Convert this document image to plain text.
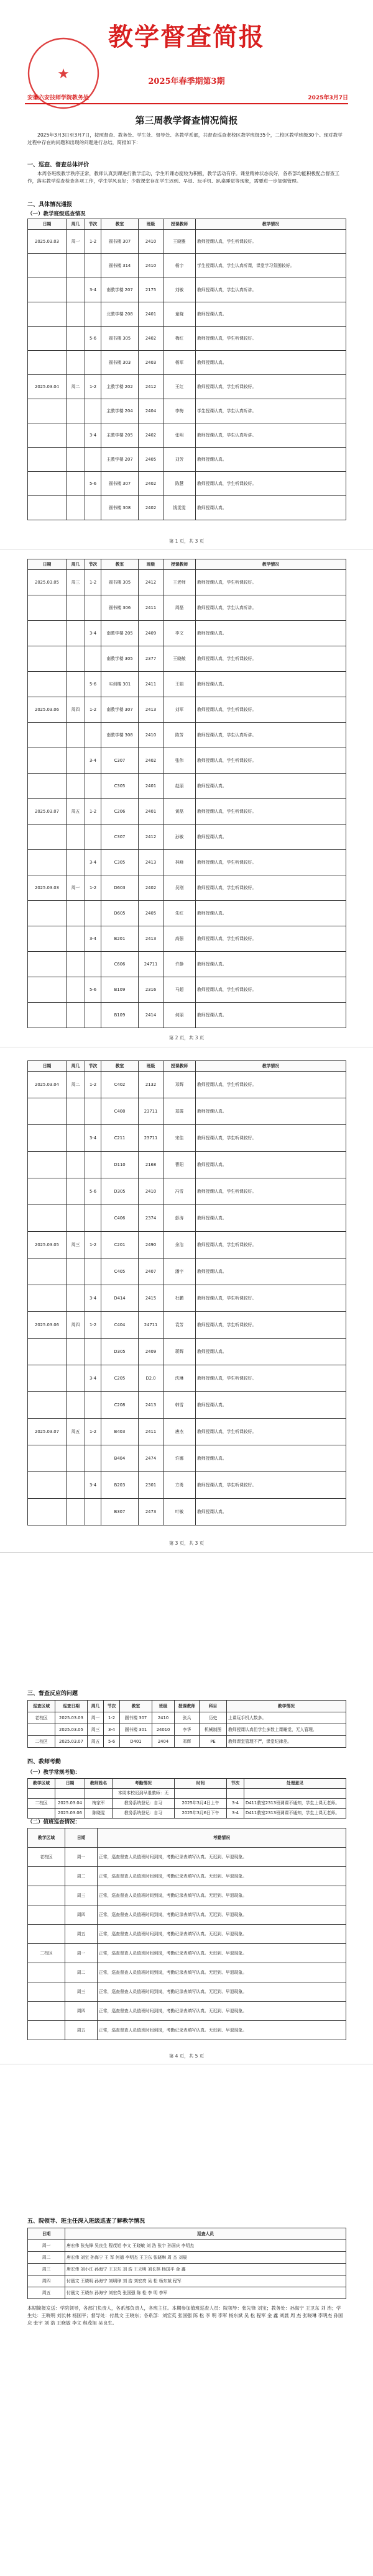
教学督查简报
★	2025年春季期第3期
安徽六安技师学院教务处	2025年3月7日
第三周教学督查情况简报
2025年3月3日至3月7日，按照督查、教务处、学生处、督导处、各教学系部，共督查巡查老校区教学班级35个，二校区教学班级30个。现对教学过程中存在的问题和出现的问题进行总结，简报如下：
一、巡查、督查总体评价
本周各班级教学秩序正常，教师认真到课进行教学活动，学生听课态度较为积极，教学活动有序。课堂精神状态良好，各系部均能积极配合督查工作，落实教学巡查检查各项工作，学生学风良好；少数课堂存在学生迟到、早退、玩手机、趴桌睡觉等现象，需要进一步加强管理。
二、具体情况通报
（一）教学班级巡查情况
日期	周几	节次	教室	班级	授课教师	教学情况
2025.03.03	周一	1-2	圆书楼 307	2410	王晓雅	教师授课认真，学生听课较好。
			圆书楼 314	2410	杨宇	学生授课认真，学生认真听课，课堂学习氛围较好。
		3-4	南教学楼 207	2175	刘敏	教师授课认真，学生认真听讲。
			北教学楼 208	2401	童晓	教师授课认真。
		5-6	圆书楼 305	2402	梅红	教师授课认真，学生听课较好。
			圆书楼 303	2403	杨军	教师授课认真。
2025.03.04	周二	1-2	主教学楼 202	2412	王红	教师授课认真，学生听课较好。
			主教学楼 204	2404	李梅	学生授课认真，学生认真听讲。
		3-4	主教学楼 205	2402	张明	教师授课认真，学生认真听讲。
			主教学楼 207	2405	刘芳	教师授课认真。
		5-6	圆书楼 307	2402	陈慧	教师授课认真，学生听课较好。
			圆书楼 308	2402	钱雯雯	教师授课认真。
第 1 页，共 3 页
日期	周几	节次	教室	班级	授课教师	教学情况
2025.03.05	周三	1-2	圆书楼 305	2412	王老师	教师授课认真，学生听课较好。
			圆书楼 306	2411	周磊	教师授课认真，学生认真听讲。
		3-4	南教学楼 205	2409	李文	教师授课认真。
			南教学楼 305	2377	王晓敏	教师授课认真，学生听课较好。
		5-6	实训楼 301	2411	王娟	教师授课认真。
2025.03.06	周四	1-2	南教学楼 307	2413	刘军	教师授课认真，学生听课较好。
			南教学楼 308	2410	陈芳	教师授课认真，学生认真听讲。
		3-4	C307	2402	张伟	教师授课认真，学生听课较好。
			C305	2401	赵丽	教师授课认真。
2025.03.07	周五	1-2	C206	2401	黄磊	教师授课认真，学生听课较好。
			C307	2412	孙敏	教师授课认真。
		3-4	C305	2413	林峰	教师授课认真，学生听课较好。
2025.03.03	周一	1-2	D603	2402	吴刚	教师授课认真，学生听课较好。
			D605	2405	朱红	教师授课认真。
		3-4	B201	2413	高强	教师授课认真，学生听课较好。
			C606	24711	许静	教师授课认真。
		5-6	B109	2316	马超	教师授课认真，学生听课较好。
			B109	2414	何丽	教师授课认真。
第 2 页，共 3 页
日期	周几	节次	教室	班级	授课教师	教学情况
2025.03.04	周二	1-2	C402	2132	邓辉	教师授课认真，学生听课较好。
			C408	23711	郑霞	教师授课认真。
		3-4	C211	23711	宋佳	教师授课认真，学生听课较好。
			D110	2168	曹阳	教师授课认真。
		5-6	D305	2410	冯雪	教师授课认真，学生听课较好。
			C406	2374	彭涛	教师授课认真。
2025.03.05	周三	1-2	C201	2490	余洁	教师授课认真，学生听课较好。
			C405	2407	潘宇	教师授课认真。
		3-4	D414	2415	杜鹏	教师授课认真，学生听课较好。
2025.03.06	周四	1-2	C404	24711	袁芳	教师授课认真，学生听课较好。
			D305	2409	蒋辉	教师授课认真。
		3-4	C205	D2.0	沈琳	教师授课认真，学生听课较好。
			C208	2413	韩雪	教师授课认真。
2025.03.07	周五	1-2	B403	2411	唐杰	教师授课认真，学生听课较好。
			B404	2474	许娜	教师授课认真。
		3-4	B203	2301	方勇	教师授课认真，学生听课较好。
			B307	2473	叶敏	教师授课认真。
第 3 页，共 3 页
三、督查反应的问题
巡查区域	巡查日期	周几	节次	教室	班级	授课教师	科目	教学情况
老校区	2025.03.03	周一	1-2	圆书楼 307	2410	张兵	历史	上课玩手机人数多。
	2025.03.05	周三	3-4	圆书楼 301	24010	李华	机械制图	教师授课认真但学生多数上课睡觉，无人管理。
二校区	2025.03.07	周五	5-6	D401	2404	邓辉	PE	教师课堂管理不严，课堂纪律差。
四、教师考勤
（一）教学常规考勤：
教学区域	日期	教师姓名	考勤情况	时间	节次	处理意见
			本周本校迟到早退教师：无			
二校区	2025.03.04	梅家军	教务系统登记：自习	2025年3月4日上午	3-4	D411教室2313班调课不通知，学生上课无老师。
	2025.03.06	陈晓雯	教务系统登记：自习	2025年3月6日下午	3-4	D411教室2313班调课不通知，学生上课无老师。
（二）值班巡查情况：
教学区域	日期	考勤情况
老校区	周一	正常，巡查督查人员值班时间到岗，考勤记录表填写认真。无迟到、早退现象。
	周二	正常，巡查督查人员值班时间到岗，考勤记录表填写认真。无迟到、早退现象。
	周三	正常，巡查督查人员值班时间到岗，考勤记录表填写认真。无迟到、早退现象。
	周四	正常，巡查督查人员值班时间到岗，考勤记录表填写认真。无迟到、早退现象。
	周五	正常，巡查督查人员值班时间到岗，考勤记录表填写认真。无迟到、早退现象。
二校区	周一	正常，巡查督查人员值班时间到岗，考勤记录表填写认真。无迟到、早退现象。
	周二	正常，巡查督查人员值班时间到岗，考勤记录表填写认真。无迟到、早退现象。
	周三	正常，巡查督查人员值班时间到岗，考勤记录表填写认真。无迟到、早退现象。
	周四	正常，巡查督查人员值班时间到岗，考勤记录表填写认真。无迟到、早退现象。
	周五	正常，巡查督查人员值班时间到岗，考勤记录表填写认真。无迟到、早退现象。
第 4 页，共 5 页
五、院领导、班主任深入班级巡查了解教学情况
日期	巡查人员
周一	唐宏伟 张先锋 吴良生 程茂旭 李文 王晓敏 刘 浩 张宇 孙国庆 李明杰
周二	唐宏伟 刘宝 孙海宁 王 军 何德 李明杰 王卫东 张晓琳 周 杰 刘晨
周三	唐宏伟 刘小江 孙海宁 王卫东 刘 浩 王天明 刘长林 杨国平 金 鑫
周四	付晨文 王晓明 孙海宁 刘明璋 刘 浩 刘宏亮 吴 松 杨东斌 程军
周五	付晨文 王晓东 孙海宁 刘宏英 张国强 陈 松 李 明 李军
本期简报发送：学院领导，各部门负责人，各系部负责人，各班主任。本期参加值班巡查人员：院领导：张先锋 刘宝；教务处：孙海宁 王卫东 刘 浩；学生处：王晓明 刘长林 杨国平；督导处：付晨文 王晓东；各系部：刘宏英 张国强 陈 松 李 明 李军 杨东斌 吴 松 程军 金 鑫 刘晨 周 杰 张晓琳 李明杰 孙国庆 张宇 刘 浩 王晓敏 李文 程茂旭 吴良生。
